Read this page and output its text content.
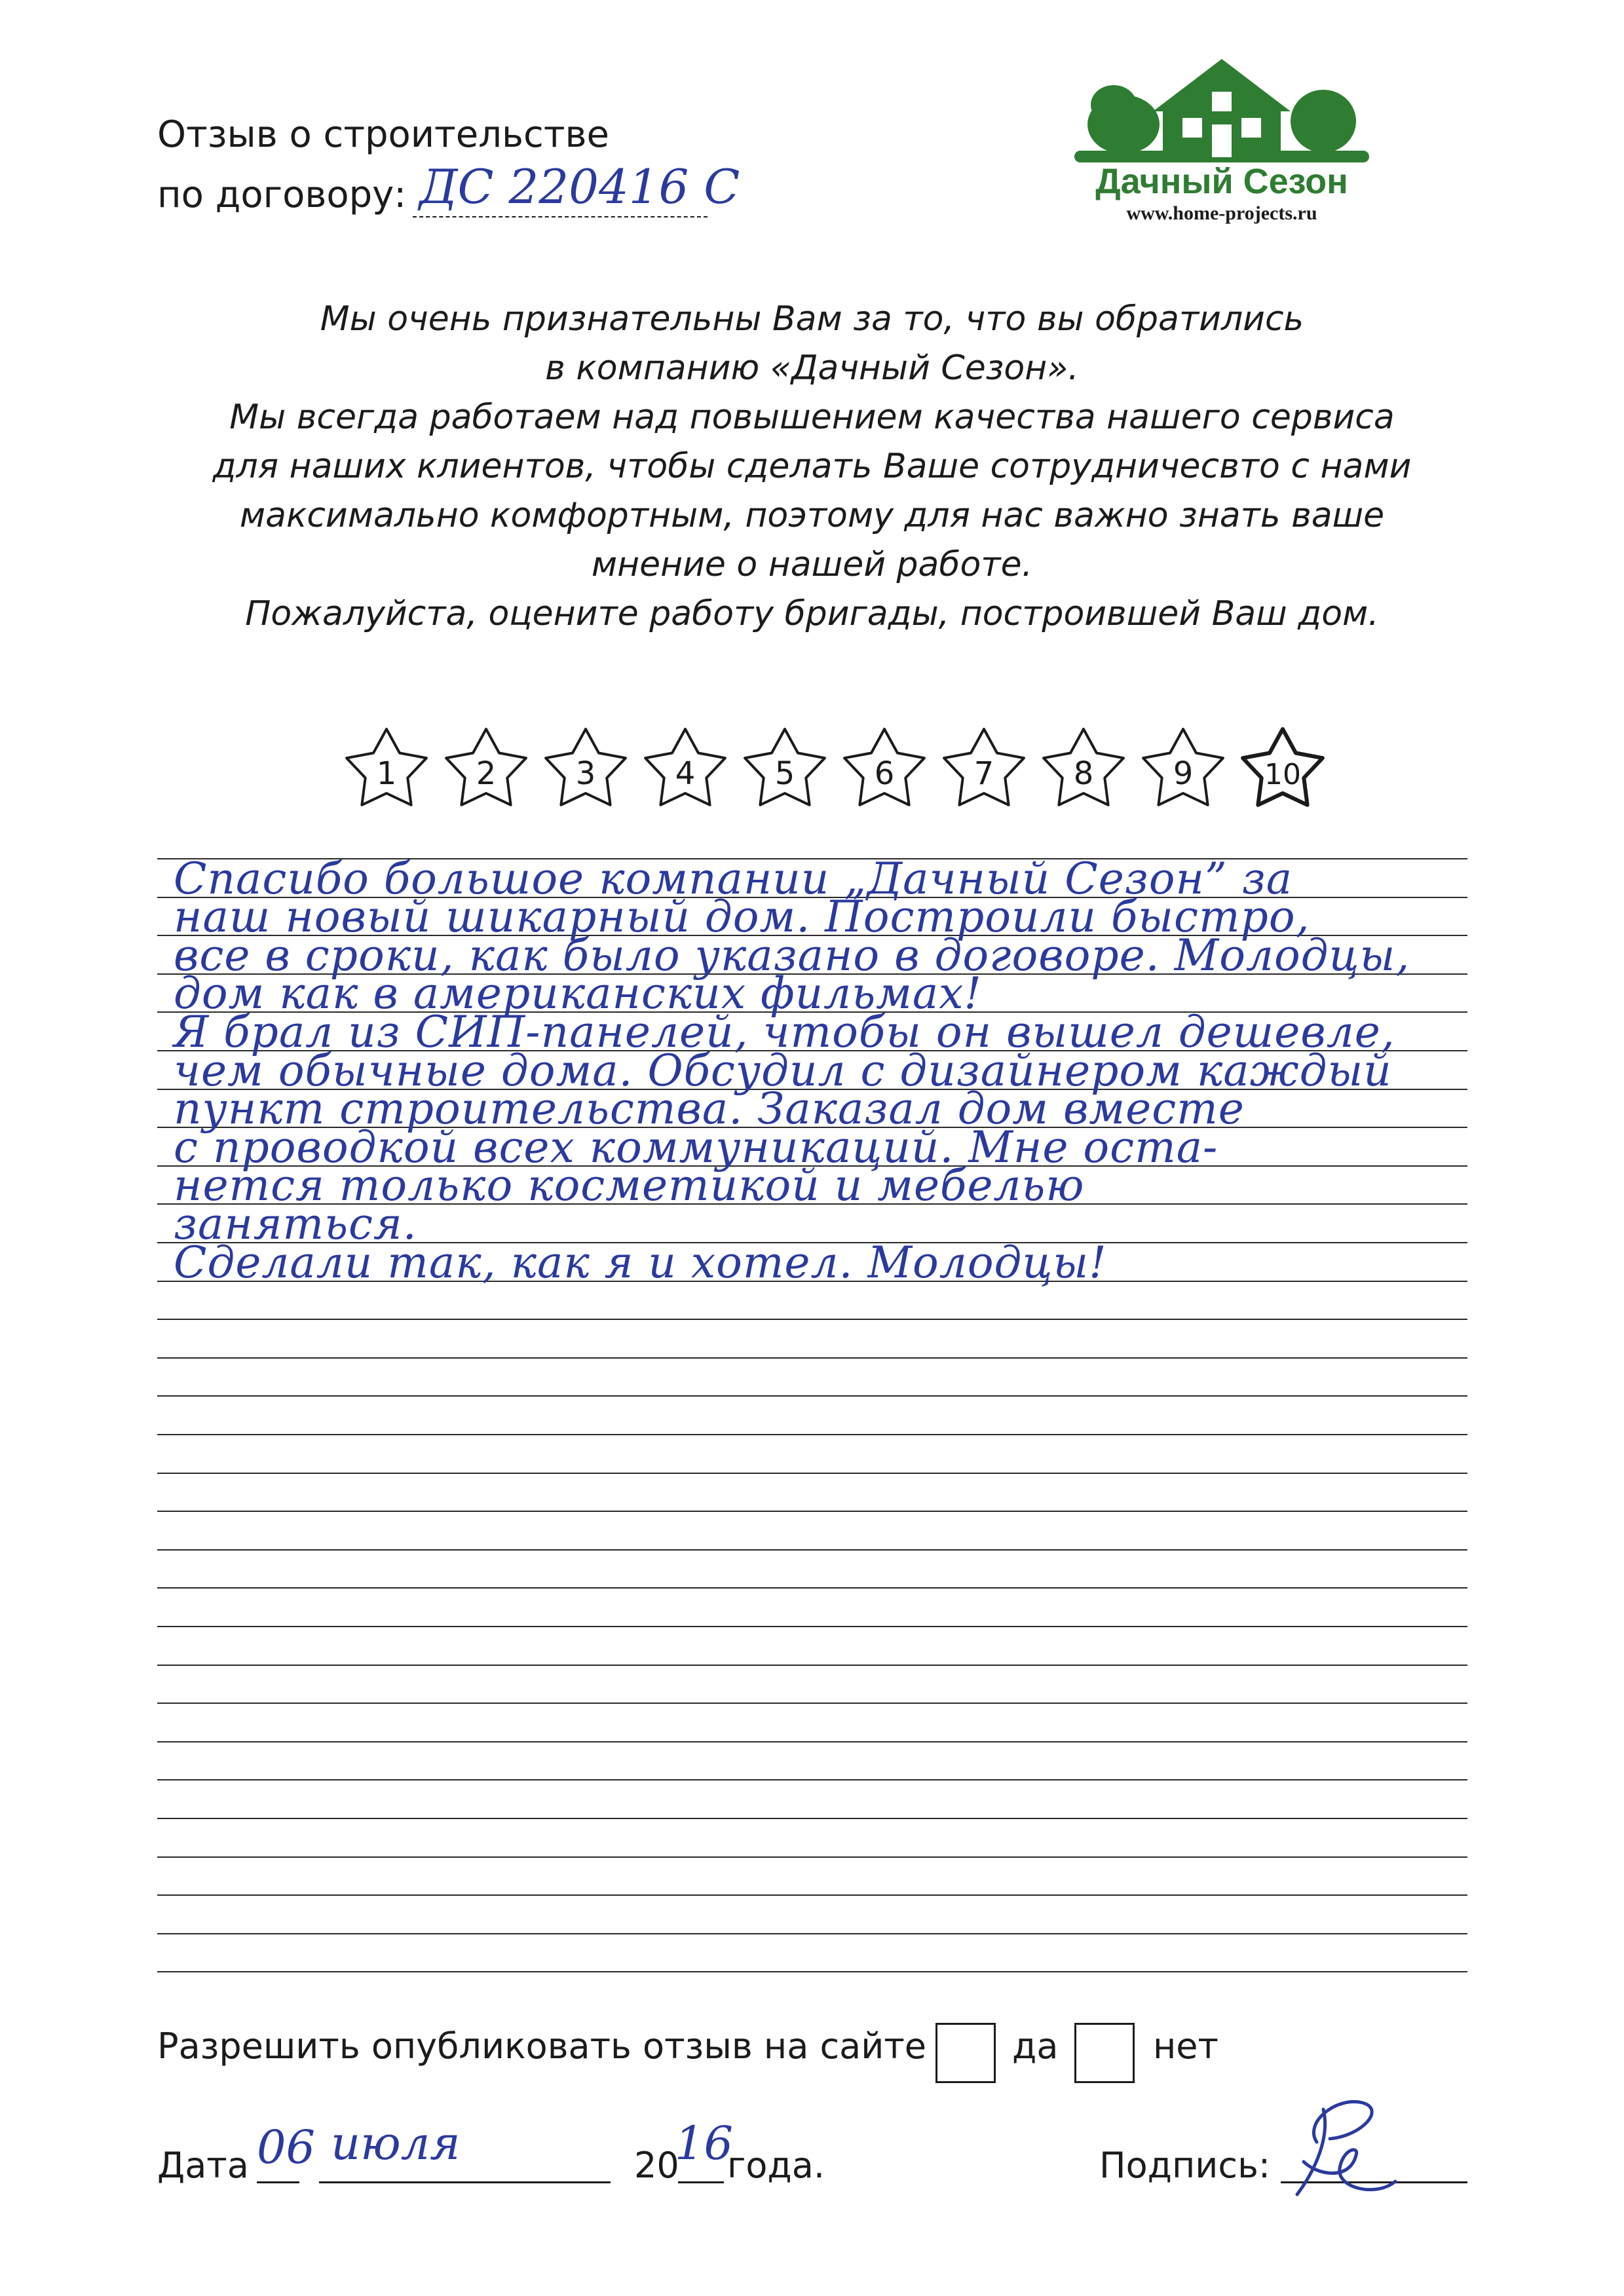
Отзыв о строительстве
по договору: ДС 220416 С	Дачный Сезон
www.home-projects.ru
Мы очень признательны Вам за то, что вы обратились
в компанию «Дачный Сезон».
Мы всегда работаем над повышением качества нашего сервиса
для наших клиентов, чтобы сделать Ваше сотрудничесвто с нами
максимально комфортным, поэтому для нас важно знать ваше
мнение о нашей работе.
Пожалуйста, оцените работу бригады, построившей Ваш дом.
1	2	3	4	5	6	7	8	9 10
Спасибо большое компании „Дачный Сезон” за
наш новый шикарный дом. Построили быстро,
все в сроки, как было указано в договоре. Молодцы,
дом как в американских фильмах!
Я брал из СИП-панелей, чтобы он вышел дешевле,
чем обычные дома. Обсудил с дизайнером каждый
пункт строительства. Заказал дом вместе
с проводкой всех коммуникаций. Мне оста-
нется только косметикой и мебелью
заняться.
Сделали так, как я и хотел. Молодцы!
Разрешить опубликовать отзыв на сайте да	нет
Дата 06 июля	20
16
года.	Подпись:
